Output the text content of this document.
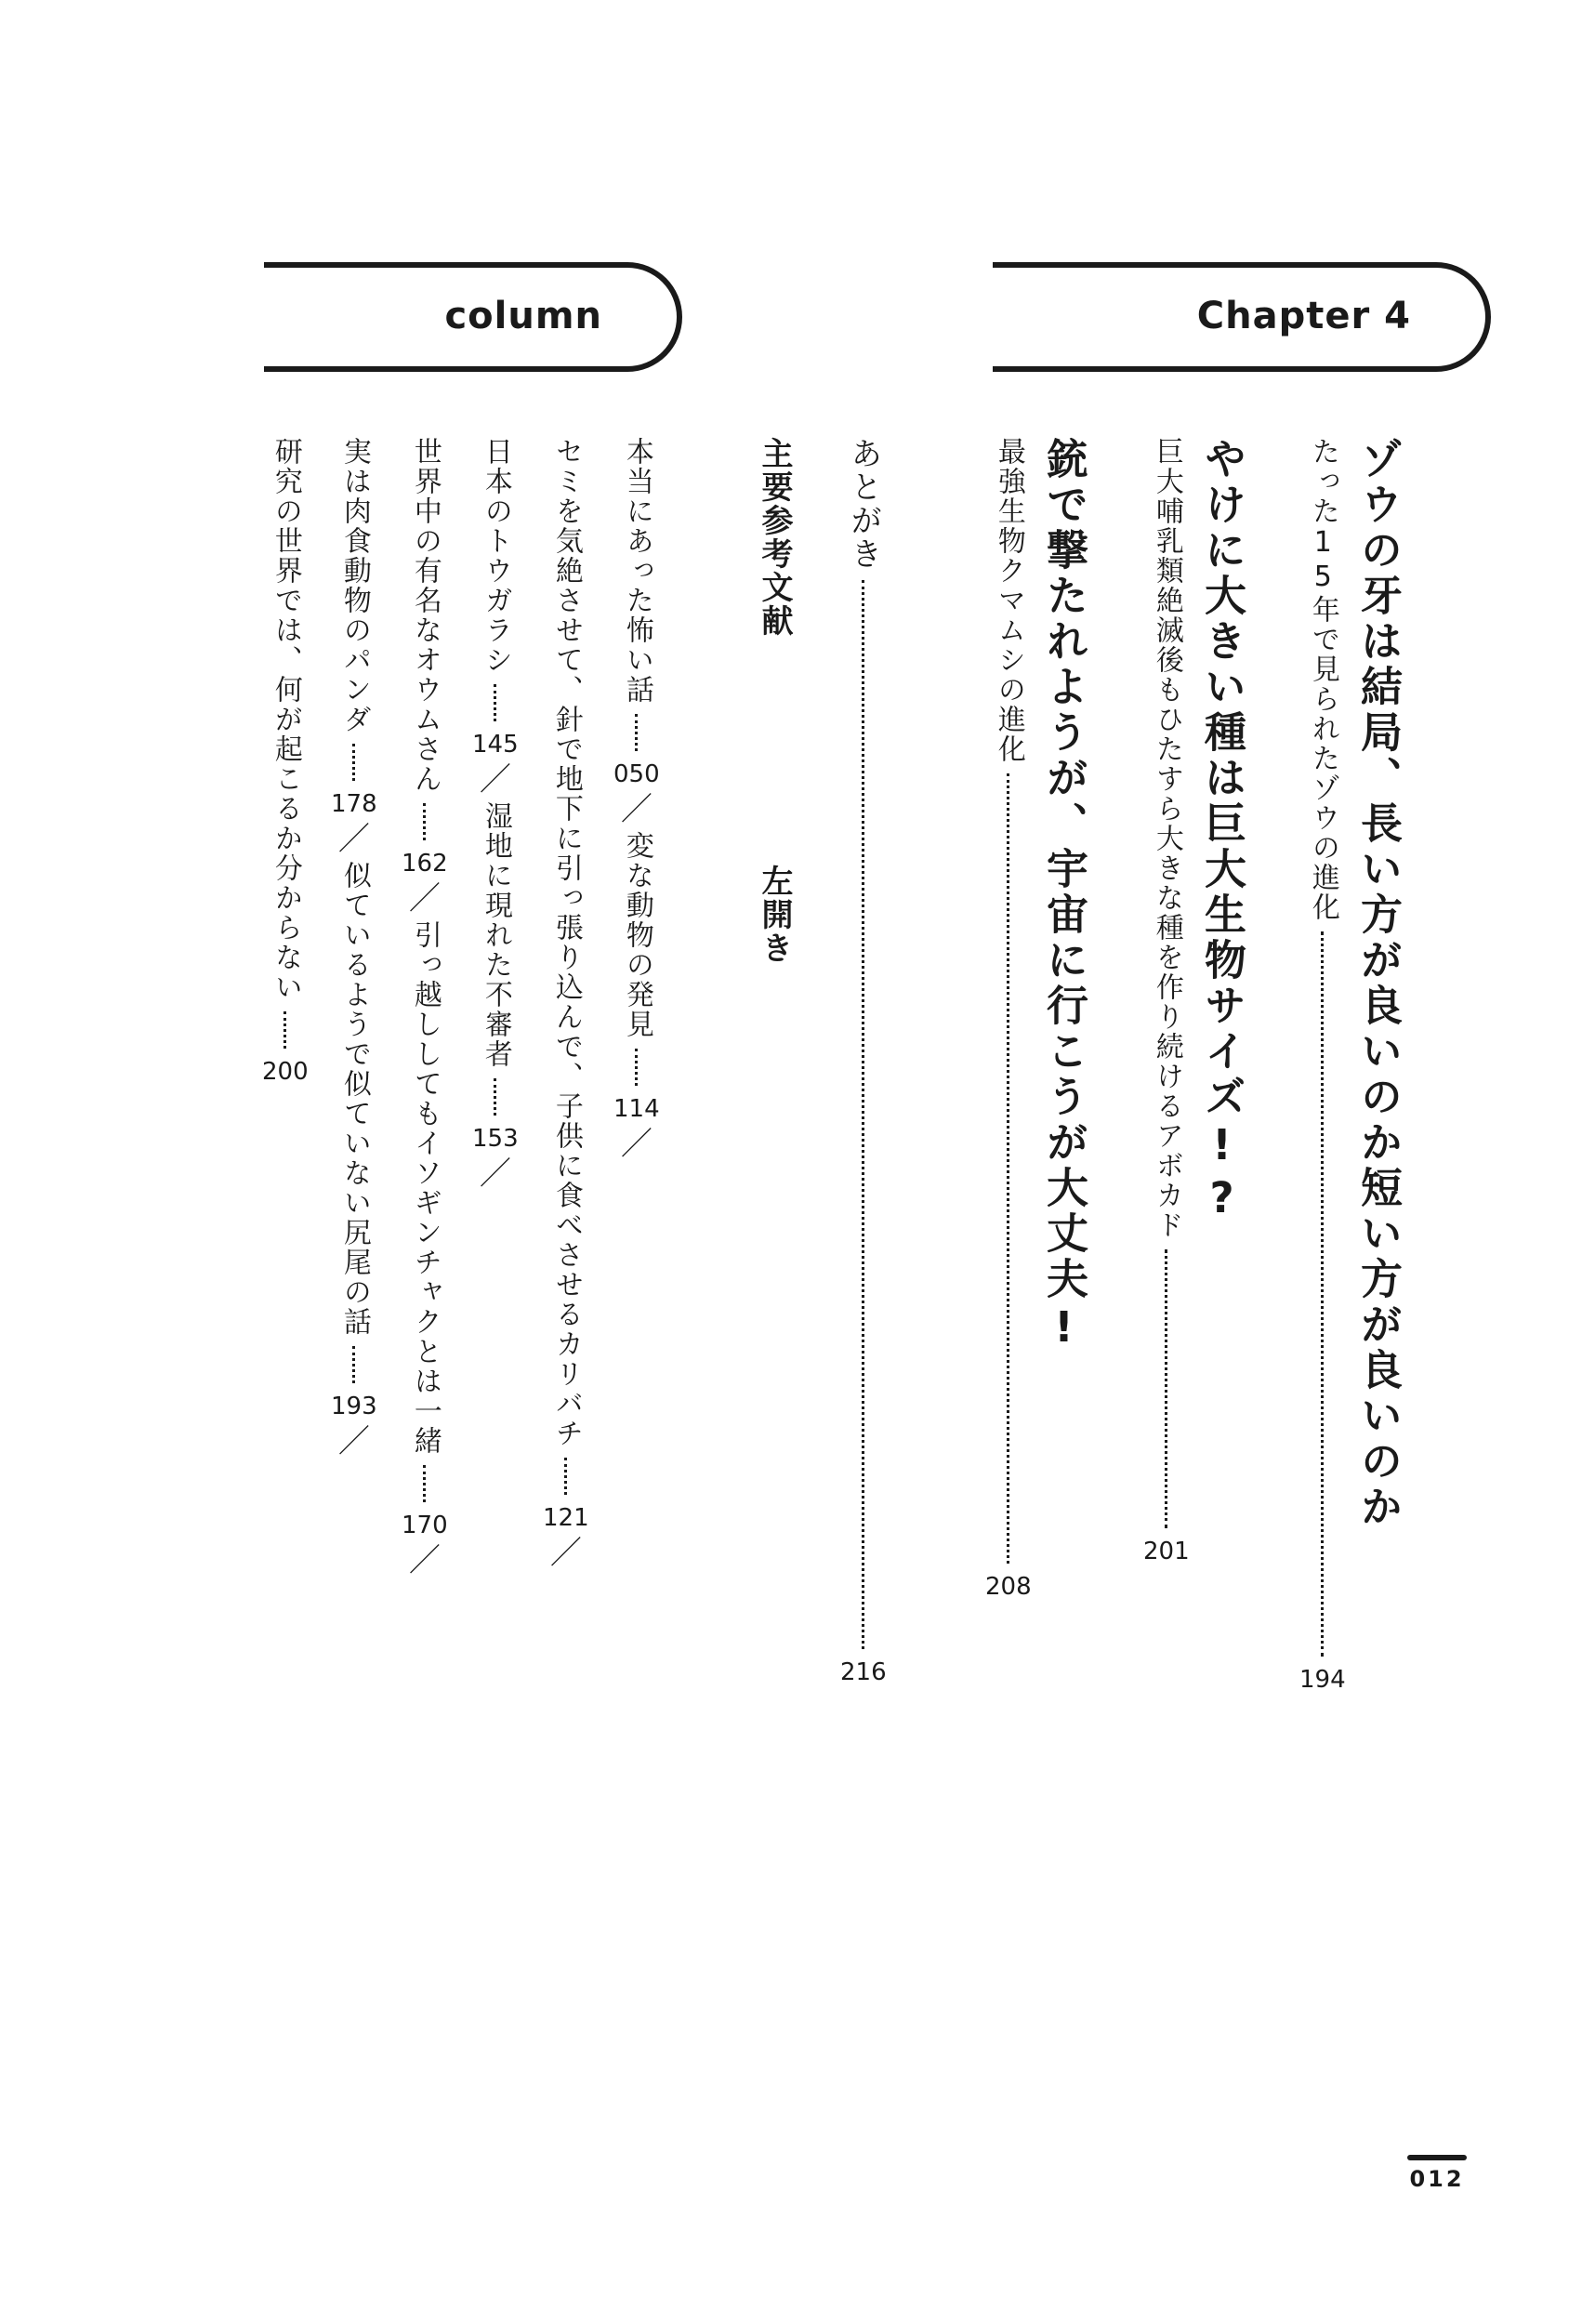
Chapter 4
column
ゾウの牙は結局、長い方が良いのか短い方が良いのか
たった15年で見られたゾウの進化
194
やけに大きい種は巨大生物サイズ!?
巨大哺乳類絶滅後もひたすら大きな種を作り続けるアボカド
201
銃で撃たれようが、宇宙に行こうが大丈夫!
最強生物クマムシの進化
208
あとがき
216
主要参考文献
左開き
本当にあった怖い話
050
／
変な動物の発見
114
／
セミを気絶させて、針で地下に引っ張り込んで、子供に食べさせるカリバチ
121
／
日本のトウガラシ
145
／
湿地に現れた不審者
153
／
世界中の有名なオウムさん
162
／
引っ越ししてもイソギンチャクとは一緒
170
／
実は肉食動物のパンダ
178
／
似ているようで似ていない尻尾の話
193
／
研究の世界では、何が起こるか分からない
200
012
